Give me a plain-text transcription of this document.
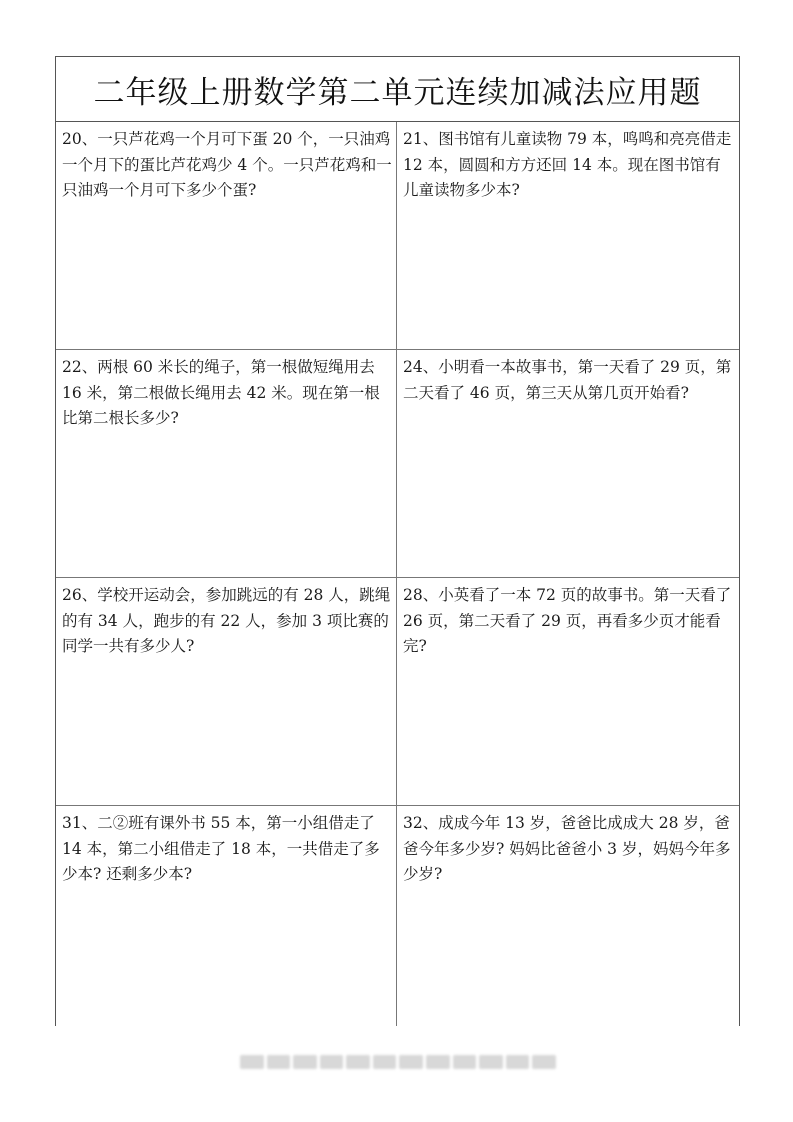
二年级上册数学第二单元连续加减法应用题
20、一只芦花鸡一个月可下蛋 20 个，一只油鸡一个月下的蛋比芦花鸡少 4 个。一只芦花鸡和一只油鸡一个月可下多少个蛋?
21、图书馆有儿童读物 79 本，鸣鸣和亮亮借走 12 本，圆圆和方方还回 14 本。现在图书馆有儿童读物多少本?
22、两根 60 米长的绳子，第一根做短绳用去 16 米，第二根做长绳用去 42 米。现在第一根比第二根长多少?
24、小明看一本故事书，第一天看了 29 页，第二天看了 46 页，第三天从第几页开始看?
26、学校开运动会，参加跳远的有 28 人，跳绳的有 34 人，跑步的有 22 人，参加 3 项比赛的同学一共有多少人?
28、小英看了一本 72 页的故事书。第一天看了 26 页，第二天看了 29 页，再看多少页才能看完?
31、二②班有课外书 55 本，第一小组借走了 14 本，第二小组借走了 18 本，一共借走了多少本? 还剩多少本?
32、成成今年 13 岁，爸爸比成成大 28 岁，爸爸今年多少岁? 妈妈比爸爸小 3 岁，妈妈今年多少岁?
